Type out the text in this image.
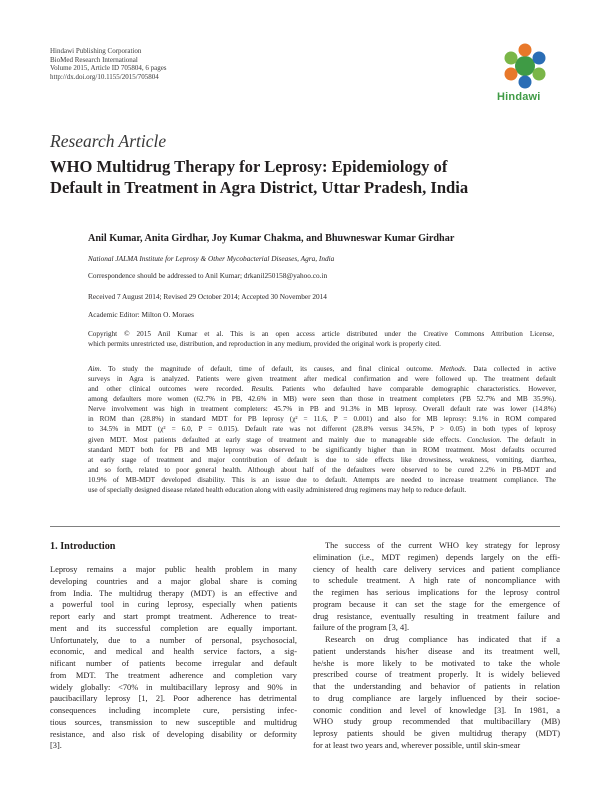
Hindawi Publishing Corporation
BioMed Research International
Volume 2015, Article ID 705804, 6 pages
http://dx.doi.org/10.1155/2015/705804
Hindawi
Research Article
WHO Multidrug Therapy for Leprosy: Epidemiology of
Default in Treatment in Agra District, Uttar Pradesh, India
Anil Kumar, Anita Girdhar, Joy Kumar Chakma, and Bhuwneswar Kumar Girdhar
National JALMA Institute for Leprosy & Other Mycobacterial Diseases, Agra, India
Correspondence should be addressed to Anil Kumar; drkanil250158@yahoo.co.in
Received 7 August 2014; Revised 29 October 2014; Accepted 30 November 2014
Academic Editor: Milton O. Moraes
Copyright © 2015 Anil Kumar et al. This is an open access article distributed under the Creative Commons Attribution License,
which permits unrestricted use, distribution, and reproduction in any medium, provided the original work is properly cited.
Aim. To study the magnitude of default, time of default, its causes, and final clinical outcome. Methods. Data collected in active
surveys in Agra is analyzed. Patients were given treatment after medical confirmation and were followed up. The treatment default
and other clinical outcomes were recorded. Results. Patients who defaulted have comparable demographic characteristics. However,
among defaulters more women (62.7% in PB, 42.6% in MB) were seen than those in treatment completers (PB 52.7% and MB 35.9%).
Nerve involvement was high in treatment completers: 45.7% in PB and 91.3% in MB leprosy. Overall default rate was lower (14.8%)
in ROM than (28.8%) in standard MDT for PB leprosy (χ² = 11.6, P = 0.001) and also for MB leprosy: 9.1% in ROM compared
to 34.5% in MDT (χ² = 6.0, P = 0.015). Default rate was not different (28.8% versus 34.5%, P > 0.05) in both types of leprosy
given MDT. Most patients defaulted at early stage of treatment and mainly due to manageable side effects. Conclusion. The default in
standard MDT both for PB and MB leprosy was observed to be significantly higher than in ROM treatment. Most defaults occurred
at early stage of treatment and major contribution of default is due to side effects like drowsiness, weakness, vomiting, diarrhea,
and so forth, related to poor general health. Although about half of the defaulters were observed to be cured 2.2% in PB-MDT and
10.9% of MB-MDT developed disability. This is an issue due to default. Attempts are needed to increase treatment compliance. The
use of specially designed disease related health education along with easily administered drug regimens may help to reduce default.
1. Introduction
Leprosy remains a major public health problem in many
developing countries and a major global share is coming
from India. The multidrug therapy (MDT) is an effective and
a powerful tool in curing leprosy, especially when patients
report early and start prompt treatment. Adherence to treat-
ment and its successful completion are equally important.
Unfortunately, due to a number of personal, psychosocial,
economic, and medical and health service factors, a sig-
nificant number of patients become irregular and default
from MDT. The treatment adherence and completion vary
widely globally: <70% in multibacillary leprosy and 90% in
paucibacillary leprosy [1, 2]. Poor adherence has detrimental
consequences including incomplete cure, persisting infec-
tious sources, transmission to new susceptible and multidrug
resistance, and also risk of developing disability or deformity
[3].
The success of the current WHO key strategy for leprosy
elimination (i.e., MDT regimen) depends largely on the effi-
ciency of health care delivery services and patient compliance
to schedule treatment. A high rate of noncompliance with
the regimen has serious implications for the leprosy control
program because it can set the stage for the emergence of
drug resistance, eventually resulting in treatment failure and
failure of the program [3, 4].
Research on drug compliance has indicated that if a
patient understands his/her disease and its treatment well,
he/she is more likely to be motivated to take the whole
prescribed course of treatment properly. It is widely believed
that the understanding and behavior of patients in relation
to drug compliance are largely influenced by their socioe-
conomic condition and level of knowledge [3]. In 1981, a
WHO study group recommended that multibacillary (MB)
leprosy patients should be given multidrug therapy (MDT)
for at least two years and, wherever possible, until skin-smear
